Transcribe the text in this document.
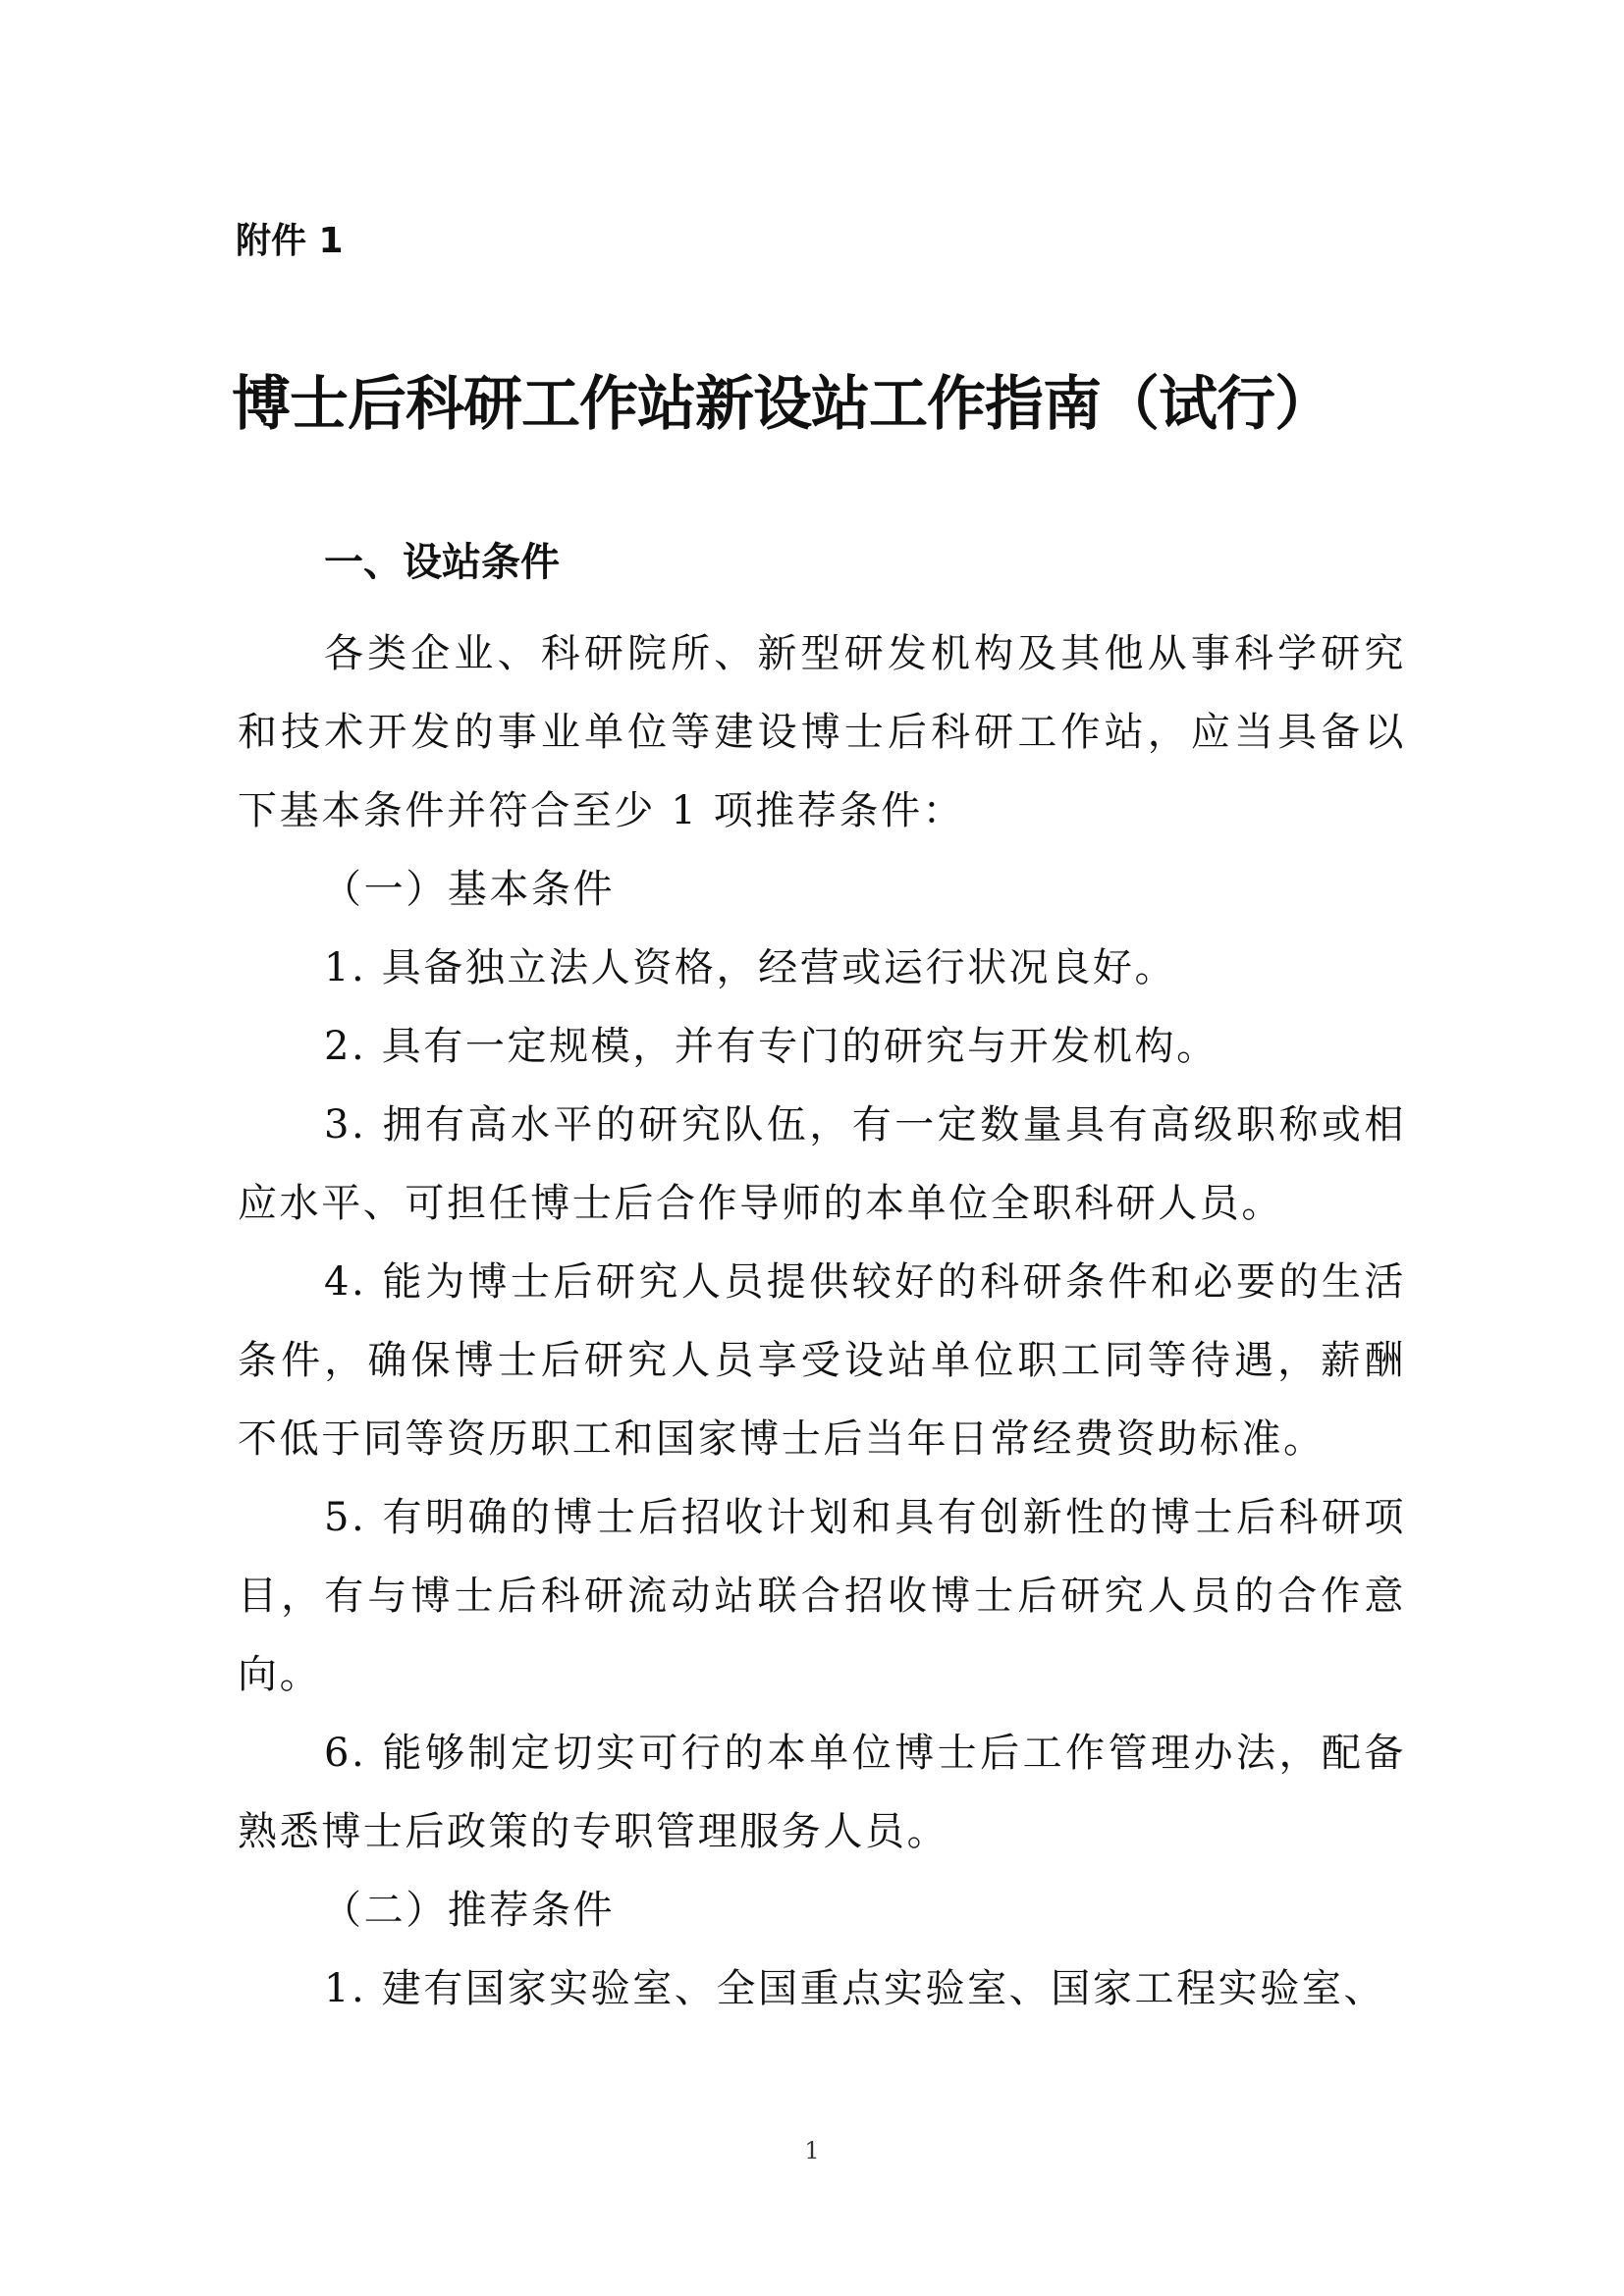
附件 1

博士后科研工作站新设站工作指南（试行）
一、设站条件

各类企业、科研院所、新型研发机构及其他从事科学研究和技术开发的事业单位等建设博士后科研工作站，应当具备以下基本条件并符合至少 1 项推荐条件：

（一）基本条件

1. 具备独立法人资格，经营或运行状况良好。

2. 具有一定规模，并有专门的研究与开发机构。

3. 拥有高水平的研究队伍，有一定数量具有高级职称或相应水平、可担任博士后合作导师的本单位全职科研人员。

4. 能为博士后研究人员提供较好的科研条件和必要的生活条件，确保博士后研究人员享受设站单位职工同等待遇，薪酬不低于同等资历职工和国家博士后当年日常经费资助标准。

5. 有明确的博士后招收计划和具有创新性的博士后科研项目，有与博士后科研流动站联合招收博士后研究人员的合作意向。

6. 能够制定切实可行的本单位博士后工作管理办法，配备熟悉博士后政策的专职管理服务人员。

（二）推荐条件

1. 建有国家实验室、全国重点实验室、国家工程实验室、

1
